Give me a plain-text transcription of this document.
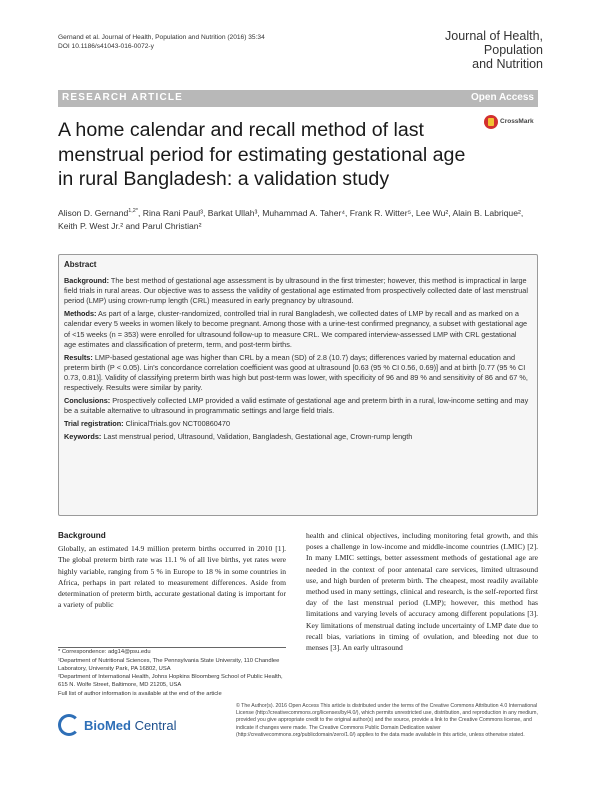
Gernand et al. Journal of Health, Population and Nutrition (2016) 35:34
DOI 10.1186/s41043-016-0072-y
Journal of Health, Population
and Nutrition
RESEARCH ARTICLE	Open Access
A home calendar and recall method of last menstrual period for estimating gestational age in rural Bangladesh: a validation study
CrossMark
Alison D. Gernand$^{1,2*}$, Rina Rani Paul³, Barkat Ullah³, Muhammad A. Taher⁴, Frank R. Witter⁵, Lee Wu², Alain B. Labrique², Keith P. West Jr.² and Parul Christian²
Abstract

Background: The best method of gestational age assessment is by ultrasound in the first trimester; however, this method is impractical in large field trials in rural areas. Our objective was to assess the validity of gestational age estimated from prospectively collected date of last menstrual period (LMP) using crown-rump length (CRL) measured in early pregnancy by ultrasound.

Methods: As part of a large, cluster-randomized, controlled trial in rural Bangladesh, we collected dates of LMP by recall and as marked on a calendar every 5 weeks in women likely to become pregnant. Among those with a urine-test confirmed pregnancy, a subset with gestational age of <15 weeks (n = 353) were enrolled for ultrasound follow-up to measure CRL. We compared interview-assessed LMP with CRL gestational age estimates and classification of preterm, term, and post-term births.

Results: LMP-based gestational age was higher than CRL by a mean (SD) of 2.8 (10.7) days; differences varied by maternal education and preterm birth (P < 0.05). Lin's concordance correlation coefficient was good at ultrasound [0.63 (95 % CI 0.56, 0.69)] and at birth [0.77 (95 % CI 0.73, 0.81)]. Validity of classifying preterm birth was high but post-term was lower, with specificity of 96 and 89 % and sensitivity of 86 and 67 %, respectively. Results were similar by parity.

Conclusions: Prospectively collected LMP provided a valid estimate of gestational age and preterm birth in a rural, low-income setting and may be a suitable alternative to ultrasound in programmatic settings and large field trials.

Trial registration: ClinicalTrials.gov NCT00860470

Keywords: Last menstrual period, Ultrasound, Validation, Bangladesh, Gestational age, Crown-rump length

Background

Globally, an estimated 14.9 million preterm births occurred in 2010 [1]. The global preterm birth rate was 11.1 % of all live births, yet rates were highly variable, ranging from 5 % in Europe to 18 % in some countries in Africa, perhaps in part related to measurement differences. Aside from determination of preterm birth, accurate gestational dating is important for a variety of public

health and clinical objectives, including monitoring fetal growth, and this poses a challenge in low-income and middle-income countries (LMIC) [2]. In many LMIC settings, better assessment methods of gestational age are needed in the context of poor antenatal care services, limited ultrasound use, and high burden of preterm birth. The cheapest, most readily available method used in many settings, clinical and research, is the self-reported first day of the last menstrual period (LMP); however, this method has limitations and varying levels of accuracy among different populations [3]. Key limitations of menstrual dating include uncertainty of LMP date due to recall bias, variations in timing of ovulation, and bleeding not due to menses [3]. An early ultrasound

* Correspondence: adg14@psu.edu

¹Department of Nutritional Sciences, The Pennsylvania State University, 110 Chandlee Laboratory, University Park, PA 16802, USA

²Department of International Health, Johns Hopkins Bloomberg School of Public Health, 615 N. Wolfe Street, Baltimore, MD 21205, USA

Full list of author information is available at the end of the article

BioMed Central
© The Author(s). 2016 Open Access This article is distributed under the terms of the Creative Commons Attribution 4.0 International License (http://creativecommons.org/licenses/by/4.0/), which permits unrestricted use, distribution, and reproduction in any medium, provided you give appropriate credit to the original author(s) and the source, provide a link to the Creative Commons license, and indicate if changes were made. The Creative Commons Public Domain Dedication waiver (http://creativecommons.org/publicdomain/zero/1.0/) applies to the data made available in this article, unless otherwise stated.
